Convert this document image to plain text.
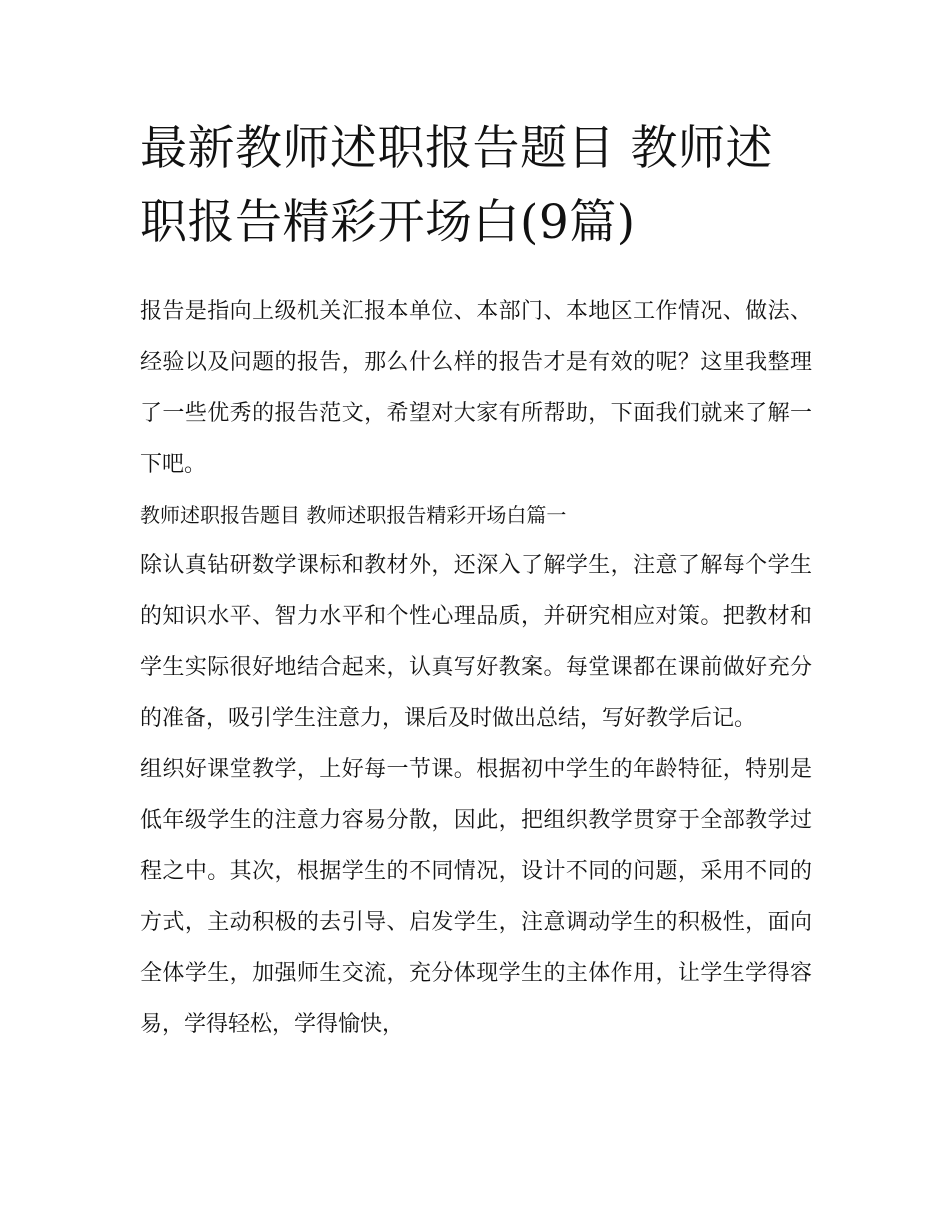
最新教师述职报告题目 教师述职报告精彩开场白(9篇)

报告是指向上级机关汇报本单位、本部门、本地区工作情况、做法、经验以及问题的报告，那么什么样的报告才是有效的呢？这里我整理了一些优秀的报告范文，希望对大家有所帮助，下面我们就来了解一下吧。

教师述职报告题目 教师述职报告精彩开场白篇一

除认真钻研数学课标和教材外，还深入了解学生，注意了解每个学生的知识水平、智力水平和个性心理品质，并研究相应对策。把教材和学生实际很好地结合起来，认真写好教案。每堂课都在课前做好充分的准备，吸引学生注意力，课后及时做出总结，写好教学后记。

组织好课堂教学，上好每一节课。根据初中学生的年龄特征，特别是低年级学生的注意力容易分散，因此，把组织教学贯穿于全部教学过程之中。其次，根据学生的不同情况，设计不同的问题，采用不同的方式，主动积极的去引导、启发学生，注意调动学生的积极性，面向全体学生，加强师生交流，充分体现学生的主体作用，让学生学得容易，学得轻松，学得愉快，
